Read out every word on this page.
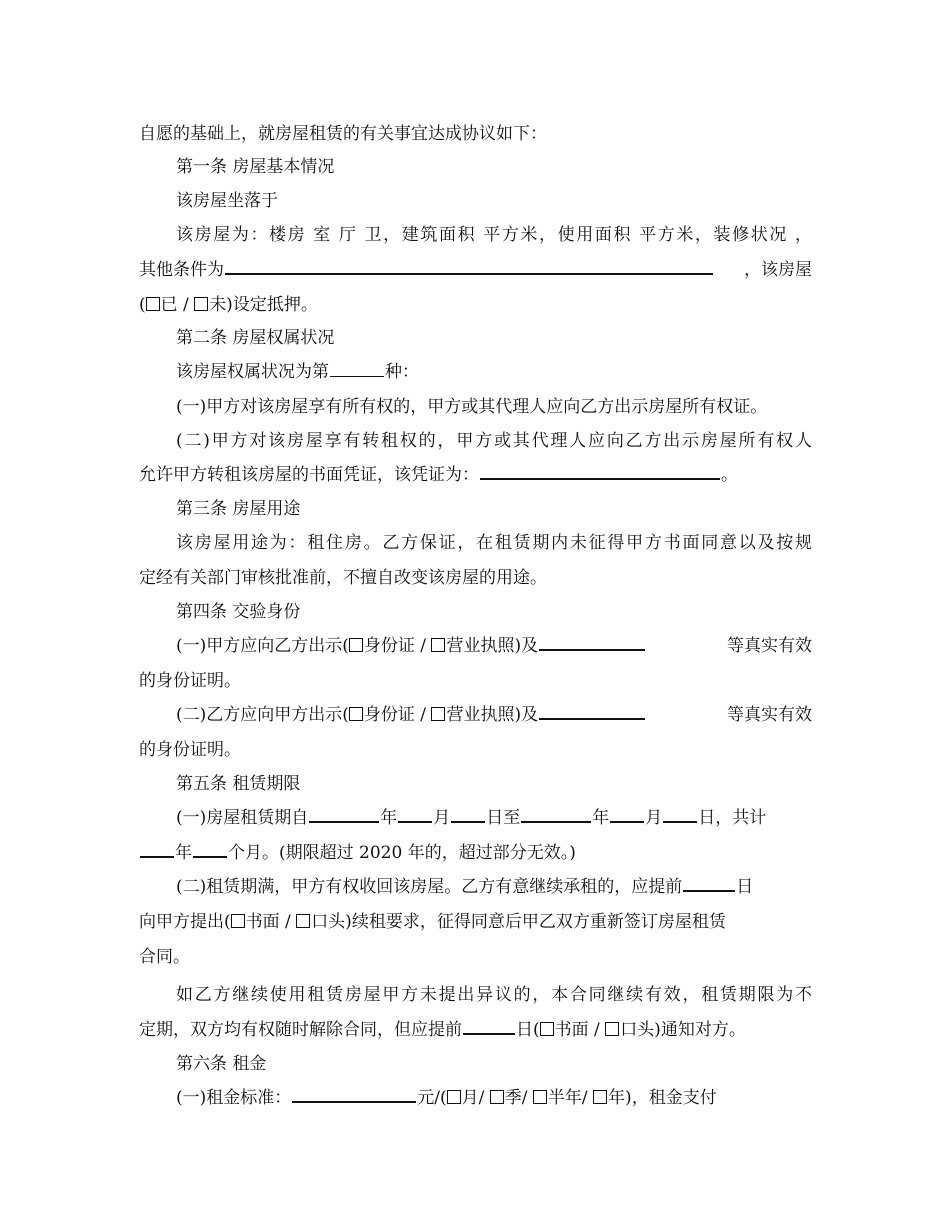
自愿的基础上，就房屋租赁的有关事宜达成协议如下：
第一条 房屋基本情况
该房屋坐落于
该房屋为：楼房 室 厅 卫，建筑面积 平方米，使用面积 平方米，装修状况 ，
其他条件为	，该房屋
( 已 / 未)设定抵押。
第二条 房屋权属状况
该房屋权属状况为第	种：
(一)甲方对该房屋享有所有权的，甲方或其代理人应向乙方出示房屋所有权证。
(二)甲方对该房屋享有转租权的，甲方或其代理人应向乙方出示房屋所有权人
允许甲方转租该房屋的书面凭证，该凭证为：	。
第三条 房屋用途
该房屋用途为：租住房。乙方保证，在租赁期内未征得甲方书面同意以及按规
定经有关部门审核批准前，不擅自改变该房屋的用途。
第四条 交验身份
(一)甲方应向乙方出示( 身份证 / 营业执照)及	等真实有效
的身份证明。
(二)乙方应向甲方出示( 身份证 / 营业执照)及	等真实有效
的身份证明。
第五条 租赁期限
(一)房屋租赁期自	年 月 日至	年 月 日，共计
年 个月。(期限超过 2020 年的，超过部分无效。)
(二)租赁期满，甲方有权收回该房屋。乙方有意继续承租的，应提前	日
向甲方提出( 书面 / 口头)续租要求，征得同意后甲乙双方重新签订房屋租赁
合同。
如乙方继续使用租赁房屋甲方未提出异议的，本合同继续有效，租赁期限为不
定期，双方均有权随时解除合同，但应提前	日( 书面 / 口头)通知对方。
第六条 租金
(一)租金标准：	元/( 月/ 季/ 半年/ 年)，租金支付
